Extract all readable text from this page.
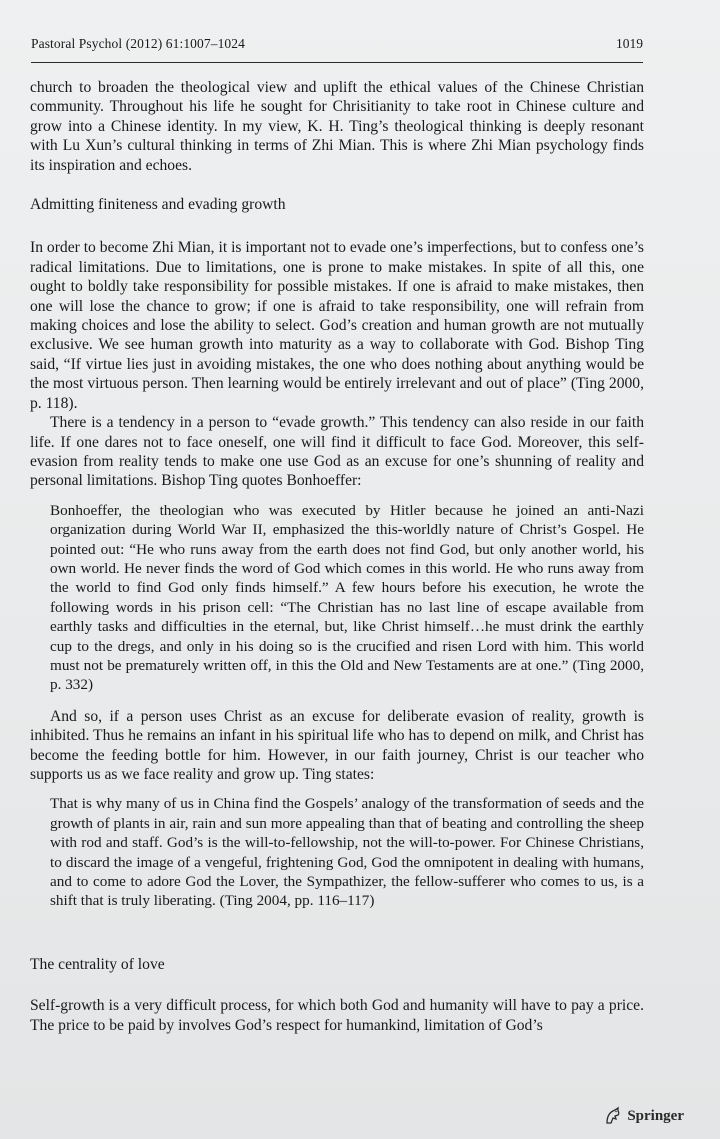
Pastoral Psychol (2012) 61:1007–1024	1019

church to broaden the theological view and uplift the ethical values of the Chinese Christian community. Throughout his life he sought for Chrisitianity to take root in Chinese culture and grow into a Chinese identity. In my view, K. H. Ting’s theological thinking is deeply resonant with Lu Xun’s cultural thinking in terms of Zhi Mian. This is where Zhi Mian psychology finds its inspiration and echoes.

Admitting finiteness and evading growth

In order to become Zhi Mian, it is important not to evade one’s imperfections, but to confess one’s radical limitations. Due to limitations, one is prone to make mistakes. In spite of all this, one ought to boldly take responsibility for possible mistakes. If one is afraid to make mistakes, then one will lose the chance to grow; if one is afraid to take responsibility, one will refrain from making choices and lose the ability to select. God’s creation and human growth are not mutually exclusive. We see human growth into maturity as a way to collaborate with God. Bishop Ting said, “If virtue lies just in avoiding mistakes, the one who does nothing about anything would be the most virtuous person. Then learning would be entirely irrelevant and out of place” (Ting 2000, p. 118).

There is a tendency in a person to “evade growth.” This tendency can also reside in our faith life. If one dares not to face oneself, one will find it difficult to face God. Moreover, this self-evasion from reality tends to make one use God as an excuse for one’s shunning of reality and personal limitations. Bishop Ting quotes Bonhoeffer:

Bonhoeffer, the theologian who was executed by Hitler because he joined an anti-Nazi organization during World War II, emphasized the this-worldly nature of Christ’s Gospel. He pointed out: “He who runs away from the earth does not find God, but only another world, his own world. He never finds the word of God which comes in this world. He who runs away from the world to find God only finds himself.” A few hours before his execution, he wrote the following words in his prison cell: “The Christian has no last line of escape available from earthly tasks and difficulties in the eternal, but, like Christ himself…he must drink the earthly cup to the dregs, and only in his doing so is the crucified and risen Lord with him. This world must not be prematurely written off, in this the Old and New Testaments are at one.” (Ting 2000, p. 332)

And so, if a person uses Christ as an excuse for deliberate evasion of reality, growth is inhibited. Thus he remains an infant in his spiritual life who has to depend on milk, and Christ has become the feeding bottle for him. However, in our faith journey, Christ is our teacher who supports us as we face reality and grow up. Ting states:

That is why many of us in China find the Gospels’ analogy of the transformation of seeds and the growth of plants in air, rain and sun more appealing than that of beating and controlling the sheep with rod and staff. God’s is the will-to-fellowship, not the will-to-power. For Chinese Christians, to discard the image of a vengeful, frightening God, God the omnipotent in dealing with humans, and to come to adore God the Lover, the Sympathizer, the fellow-sufferer who comes to us, is a shift that is truly liberating. (Ting 2004, pp. 116–117)
The centrality of love

Self-growth is a very difficult process, for which both God and humanity will have to pay a price. The price to be paid by involves God’s respect for humankind, limitation of God’s

Springer
